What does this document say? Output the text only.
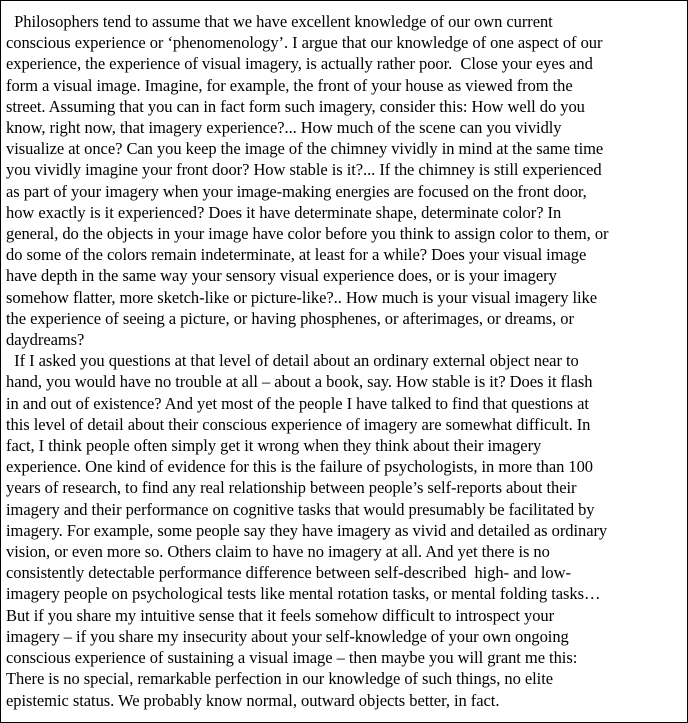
Philosophers tend to assume that we have excellent knowledge of our own current
conscious experience or ‘phenomenology’. I argue that our knowledge of one aspect of our
experience, the experience of visual imagery, is actually rather poor.  Close your eyes and
form a visual image. Imagine, for example, the front of your house as viewed from the
street. Assuming that you can in fact form such imagery, consider this: How well do you
know, right now, that imagery experience?... How much of the scene can you vividly
visualize at once? Can you keep the image of the chimney vividly in mind at the same time
you vividly imagine your front door? How stable is it?... If the chimney is still experienced
as part of your imagery when your image-making energies are focused on the front door,
how exactly is it experienced? Does it have determinate shape, determinate color? In
general, do the objects in your image have color before you think to assign color to them, or
do some of the colors remain indeterminate, at least for a while? Does your visual image
have depth in the same way your sensory visual experience does, or is your imagery
somehow flatter, more sketch-like or picture-like?.. How much is your visual imagery like
the experience of seeing a picture, or having phosphenes, or afterimages, or dreams, or
daydreams?
If I asked you questions at that level of detail about an ordinary external object near to
hand, you would have no trouble at all – about a book, say. How stable is it? Does it flash
in and out of existence? And yet most of the people I have talked to find that questions at
this level of detail about their conscious experience of imagery are somewhat difficult. In
fact, I think people often simply get it wrong when they think about their imagery
experience. One kind of evidence for this is the failure of psychologists, in more than 100
years of research, to find any real relationship between people’s self-reports about their
imagery and their performance on cognitive tasks that would presumably be facilitated by
imagery. For example, some people say they have imagery as vivid and detailed as ordinary
vision, or even more so. Others claim to have no imagery at all. And yet there is no
consistently detectable performance difference between self-described  high- and low-
imagery people on psychological tests like mental rotation tasks, or mental folding tasks…
But if you share my intuitive sense that it feels somehow difficult to introspect your
imagery – if you share my insecurity about your self-knowledge of your own ongoing
conscious experience of sustaining a visual image – then maybe you will grant me this:
There is no special, remarkable perfection in our knowledge of such things, no elite
epistemic status. We probably know normal, outward objects better, in fact.
